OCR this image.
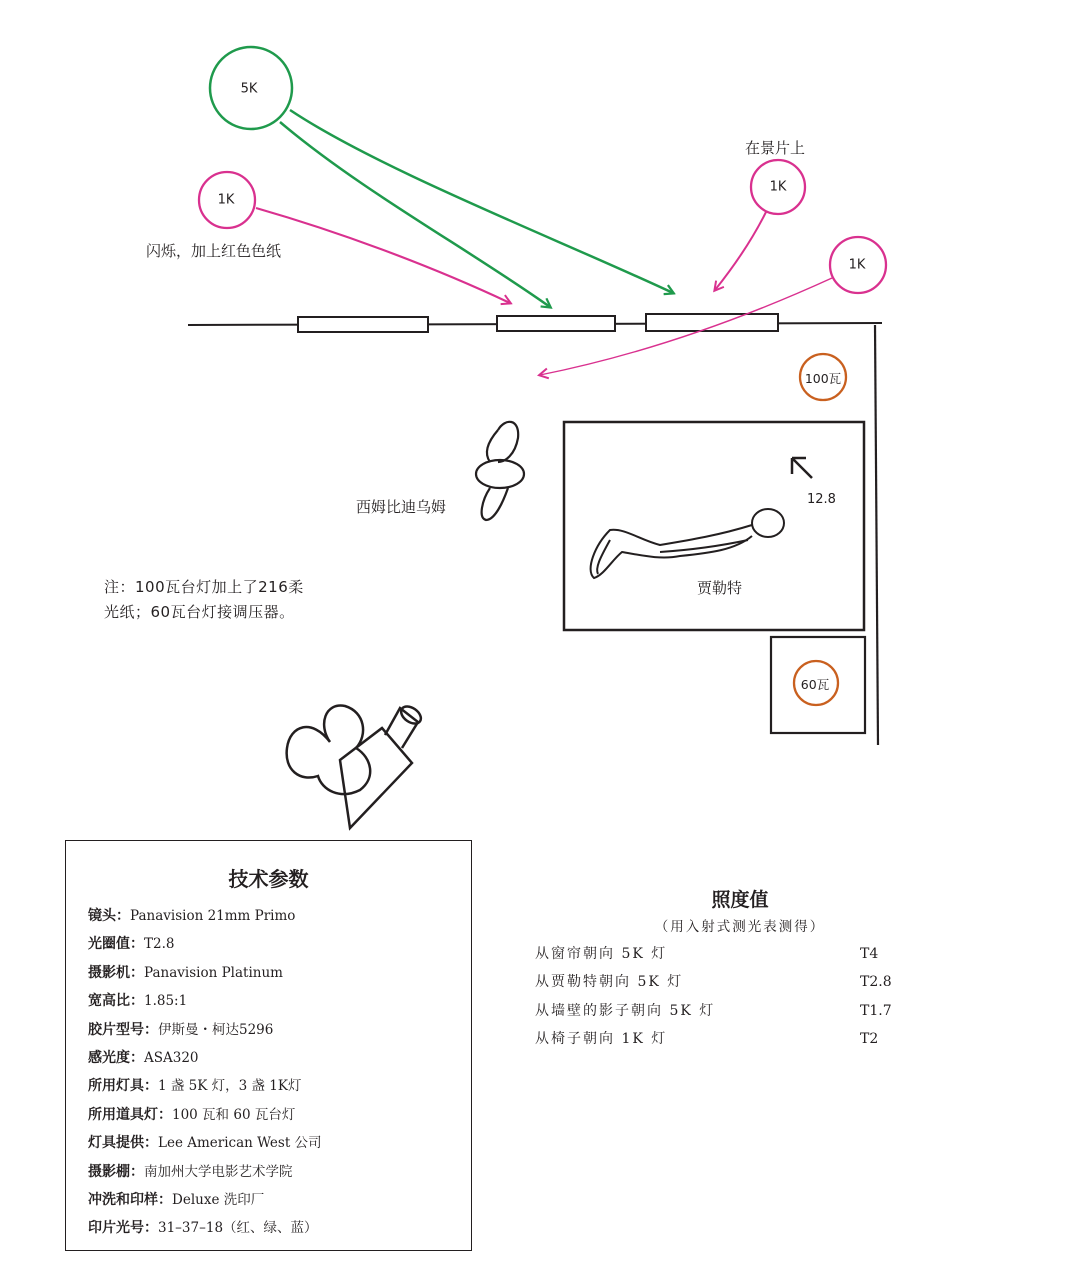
5K
1K
1K
1K
100瓦
60瓦
闪烁，加上红色色纸
在景片上
西姆比迪乌姆
贾勒特
12.8
注：100瓦台灯加上了216柔光纸；60瓦台灯接调压器。
技术参数
镜头：Panavision 21mm Primo
光圈值：T2.8
摄影机：Panavision Platinum
宽高比：1.85:1
胶片型号：伊斯曼・柯达5296
感光度：ASA320
所用灯具：1 盏 5K 灯，3 盏 1K灯
所用道具灯：100 瓦和 60 瓦台灯
灯具提供：Lee American West 公司
摄影棚：南加州大学电影艺术学院
冲洗和印样：Deluxe 洗印厂
印片光号：31–37–18（红、绿、蓝）
照度值
（用入射式测光表测得）
从窗帘朝向 5K 灯	T4
从贾勒特朝向 5K 灯	T2.8
从墙壁的影子朝向 5K 灯	T1.7
从椅子朝向 1K 灯	T2
